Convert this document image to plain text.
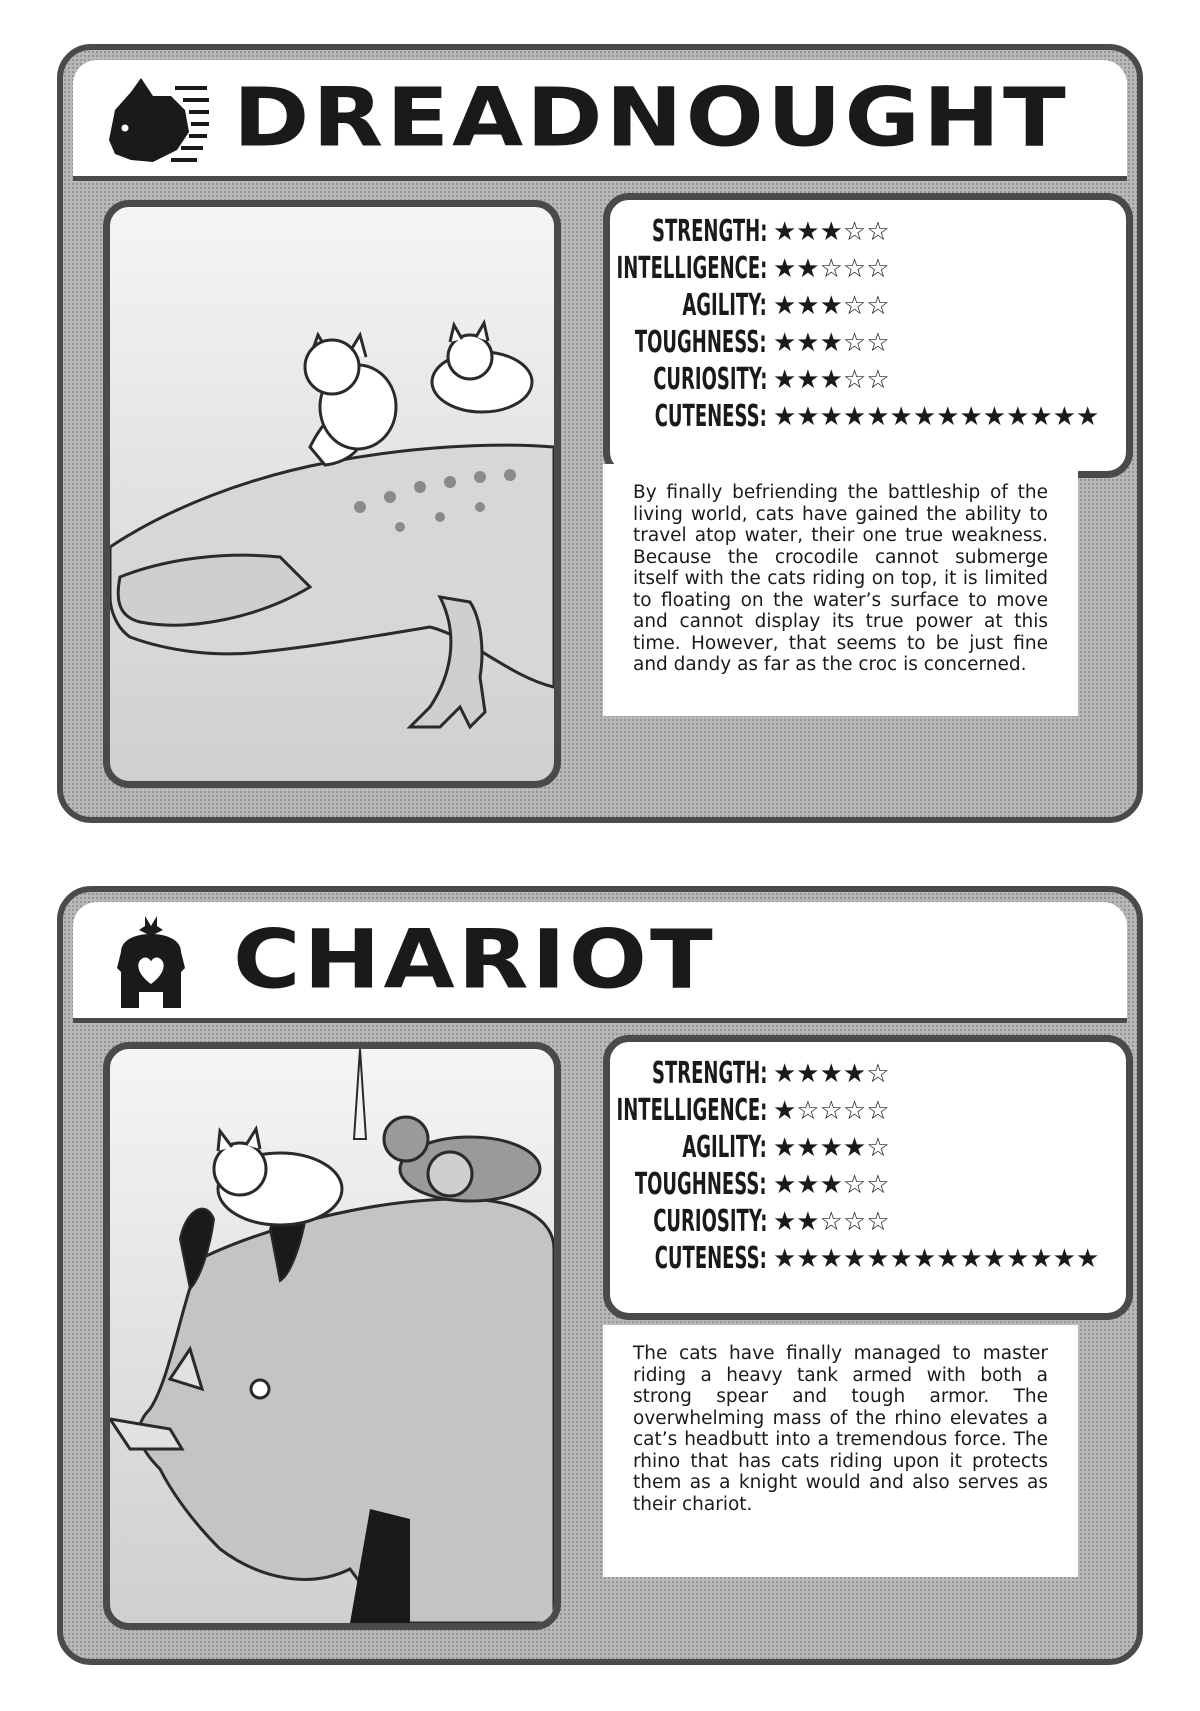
DREADNOUGHT
STRENGTH: ★★★☆☆
INTELLIGENCE: ★★☆☆☆
AGILITY: ★★★☆☆
TOUGHNESS: ★★★☆☆
CURIOSITY: ★★★☆☆
CUTENESS: ★★★★★★★★★★★★★★

By finally befriending the battleship of the living world, cats have gained the ability to travel atop water, their one true weakness. Because the crocodile cannot submerge itself with the cats riding on top, it is limited to floating on the water’s surface to move and cannot display its true power at this time. However, that seems to be just fine and dandy as far as the croc is concerned.

CHARIOT
STRENGTH: ★★★★☆
INTELLIGENCE: ★☆☆☆☆
AGILITY: ★★★★☆
TOUGHNESS: ★★★☆☆
CURIOSITY: ★★☆☆☆
CUTENESS: ★★★★★★★★★★★★★★

The cats have finally managed to master riding a heavy tank armed with both a strong spear and tough armor. The overwhelming mass of the rhino elevates a cat’s headbutt into a tremendous force. The rhino that has cats riding upon it protects them as a knight would and also serves as their chariot.
